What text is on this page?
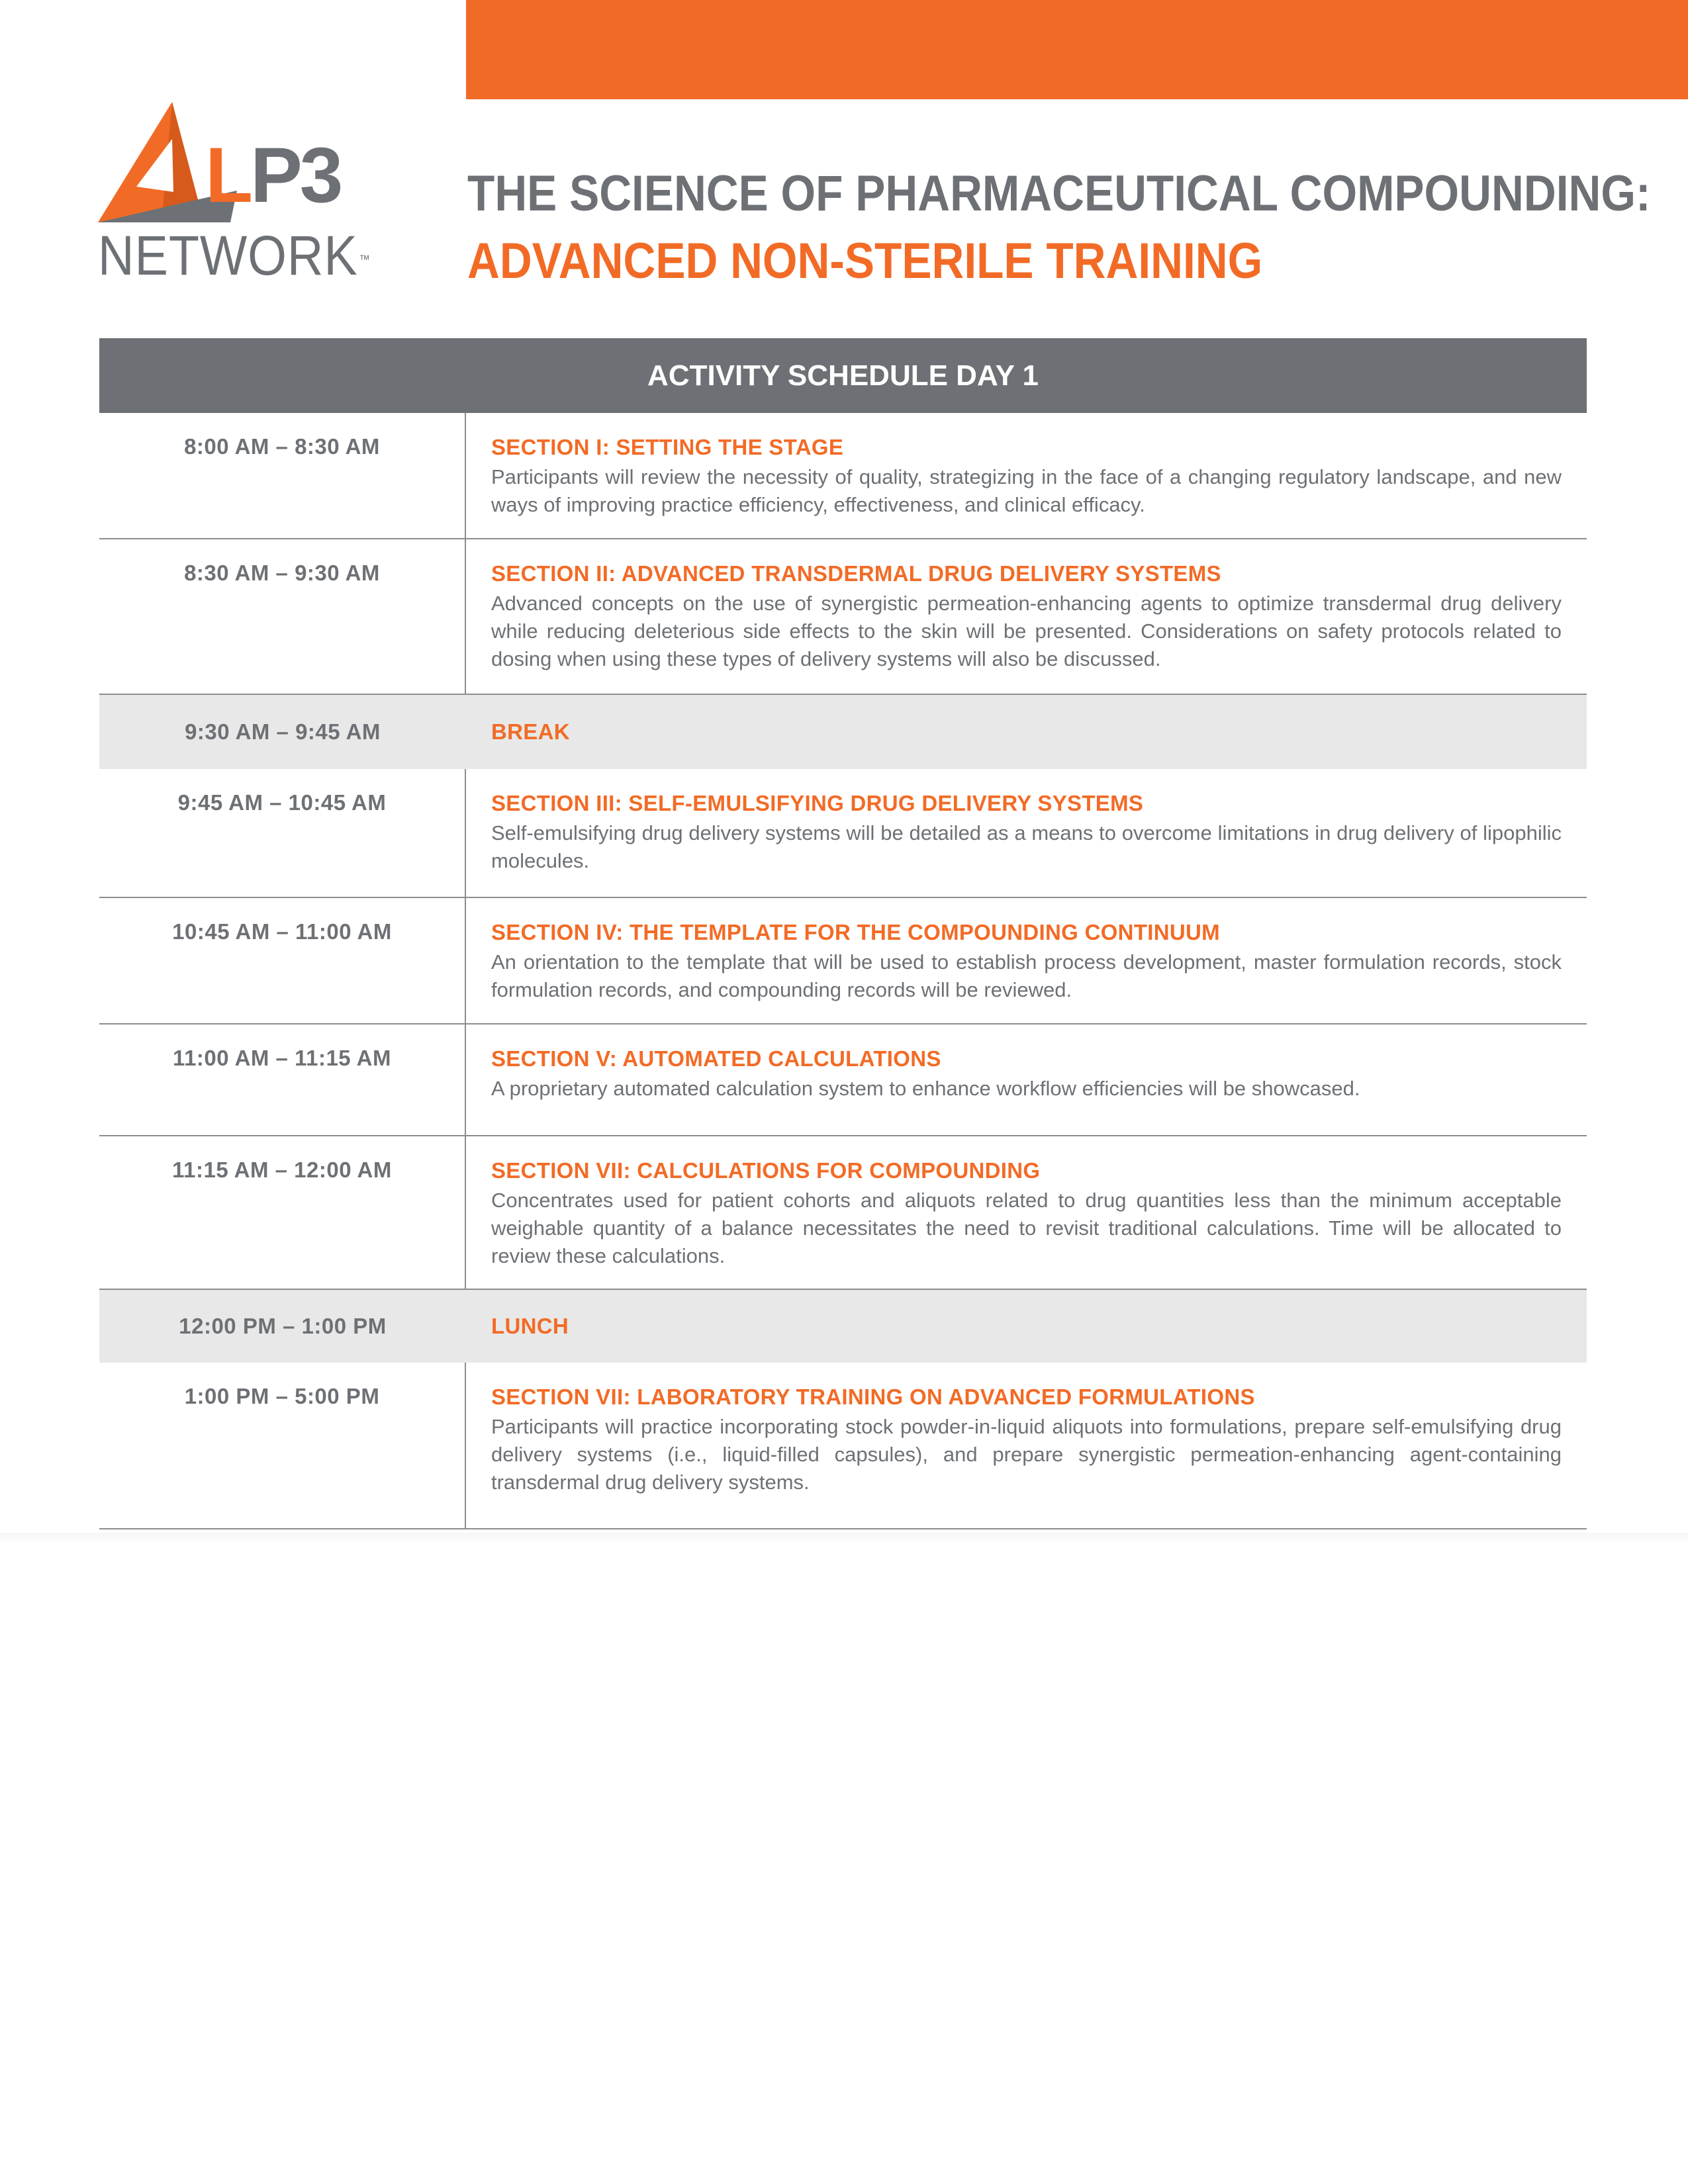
LP3
NETWORK™
THE SCIENCE OF PHARMACEUTICAL COMPOUNDING:
ADVANCED NON-STERILE TRAINING
ACTIVITY SCHEDULE DAY 1
8:00 AM – 8:30 AM	SECTION I: SETTING THE STAGE
Participants will review the necessity of quality, strategizing in the face of a changing regulatory landscape, and new ways of improving practice efficiency, effectiveness, and clinical efficacy.
8:30 AM – 9:30 AM	SECTION II: ADVANCED TRANSDERMAL DRUG DELIVERY SYSTEMS
Advanced concepts on the use of synergistic permeation-enhancing agents to optimize transdermal drug delivery while reducing deleterious side effects to the skin will be presented. Considerations on safety protocols related to dosing when using these types of delivery systems will also be discussed.
9:30 AM – 9:45 AM	BREAK
9:45 AM – 10:45 AM	SECTION III: SELF-EMULSIFYING DRUG DELIVERY SYSTEMS
Self-emulsifying drug delivery systems will be detailed as a means to overcome limitations in drug delivery of lipophilic molecules.
10:45 AM – 11:00 AM	SECTION IV: THE TEMPLATE FOR THE COMPOUNDING CONTINUUM
An orientation to the template that will be used to establish process development, master formulation records, stock formulation records, and compounding records will be reviewed.
11:00 AM – 11:15 AM	SECTION V: AUTOMATED CALCULATIONS
A proprietary automated calculation system to enhance workflow efficiencies will be showcased.
11:15 AM – 12:00 AM	SECTION VII: CALCULATIONS FOR COMPOUNDING
Concentrates used for patient cohorts and aliquots related to drug quantities less than the minimum acceptable weighable quantity of a balance necessitates the need to revisit traditional calculations. Time will be allocated to review these calculations.
12:00 PM – 1:00 PM	LUNCH
1:00 PM – 5:00 PM	SECTION VII: LABORATORY TRAINING ON ADVANCED FORMULATIONS
Participants will practice incorporating stock powder-in-liquid aliquots into formulations, prepare self-emulsifying drug delivery systems (i.e., liquid-filled capsules), and prepare synergistic permeation-enhancing agent-containing transdermal drug delivery systems.
